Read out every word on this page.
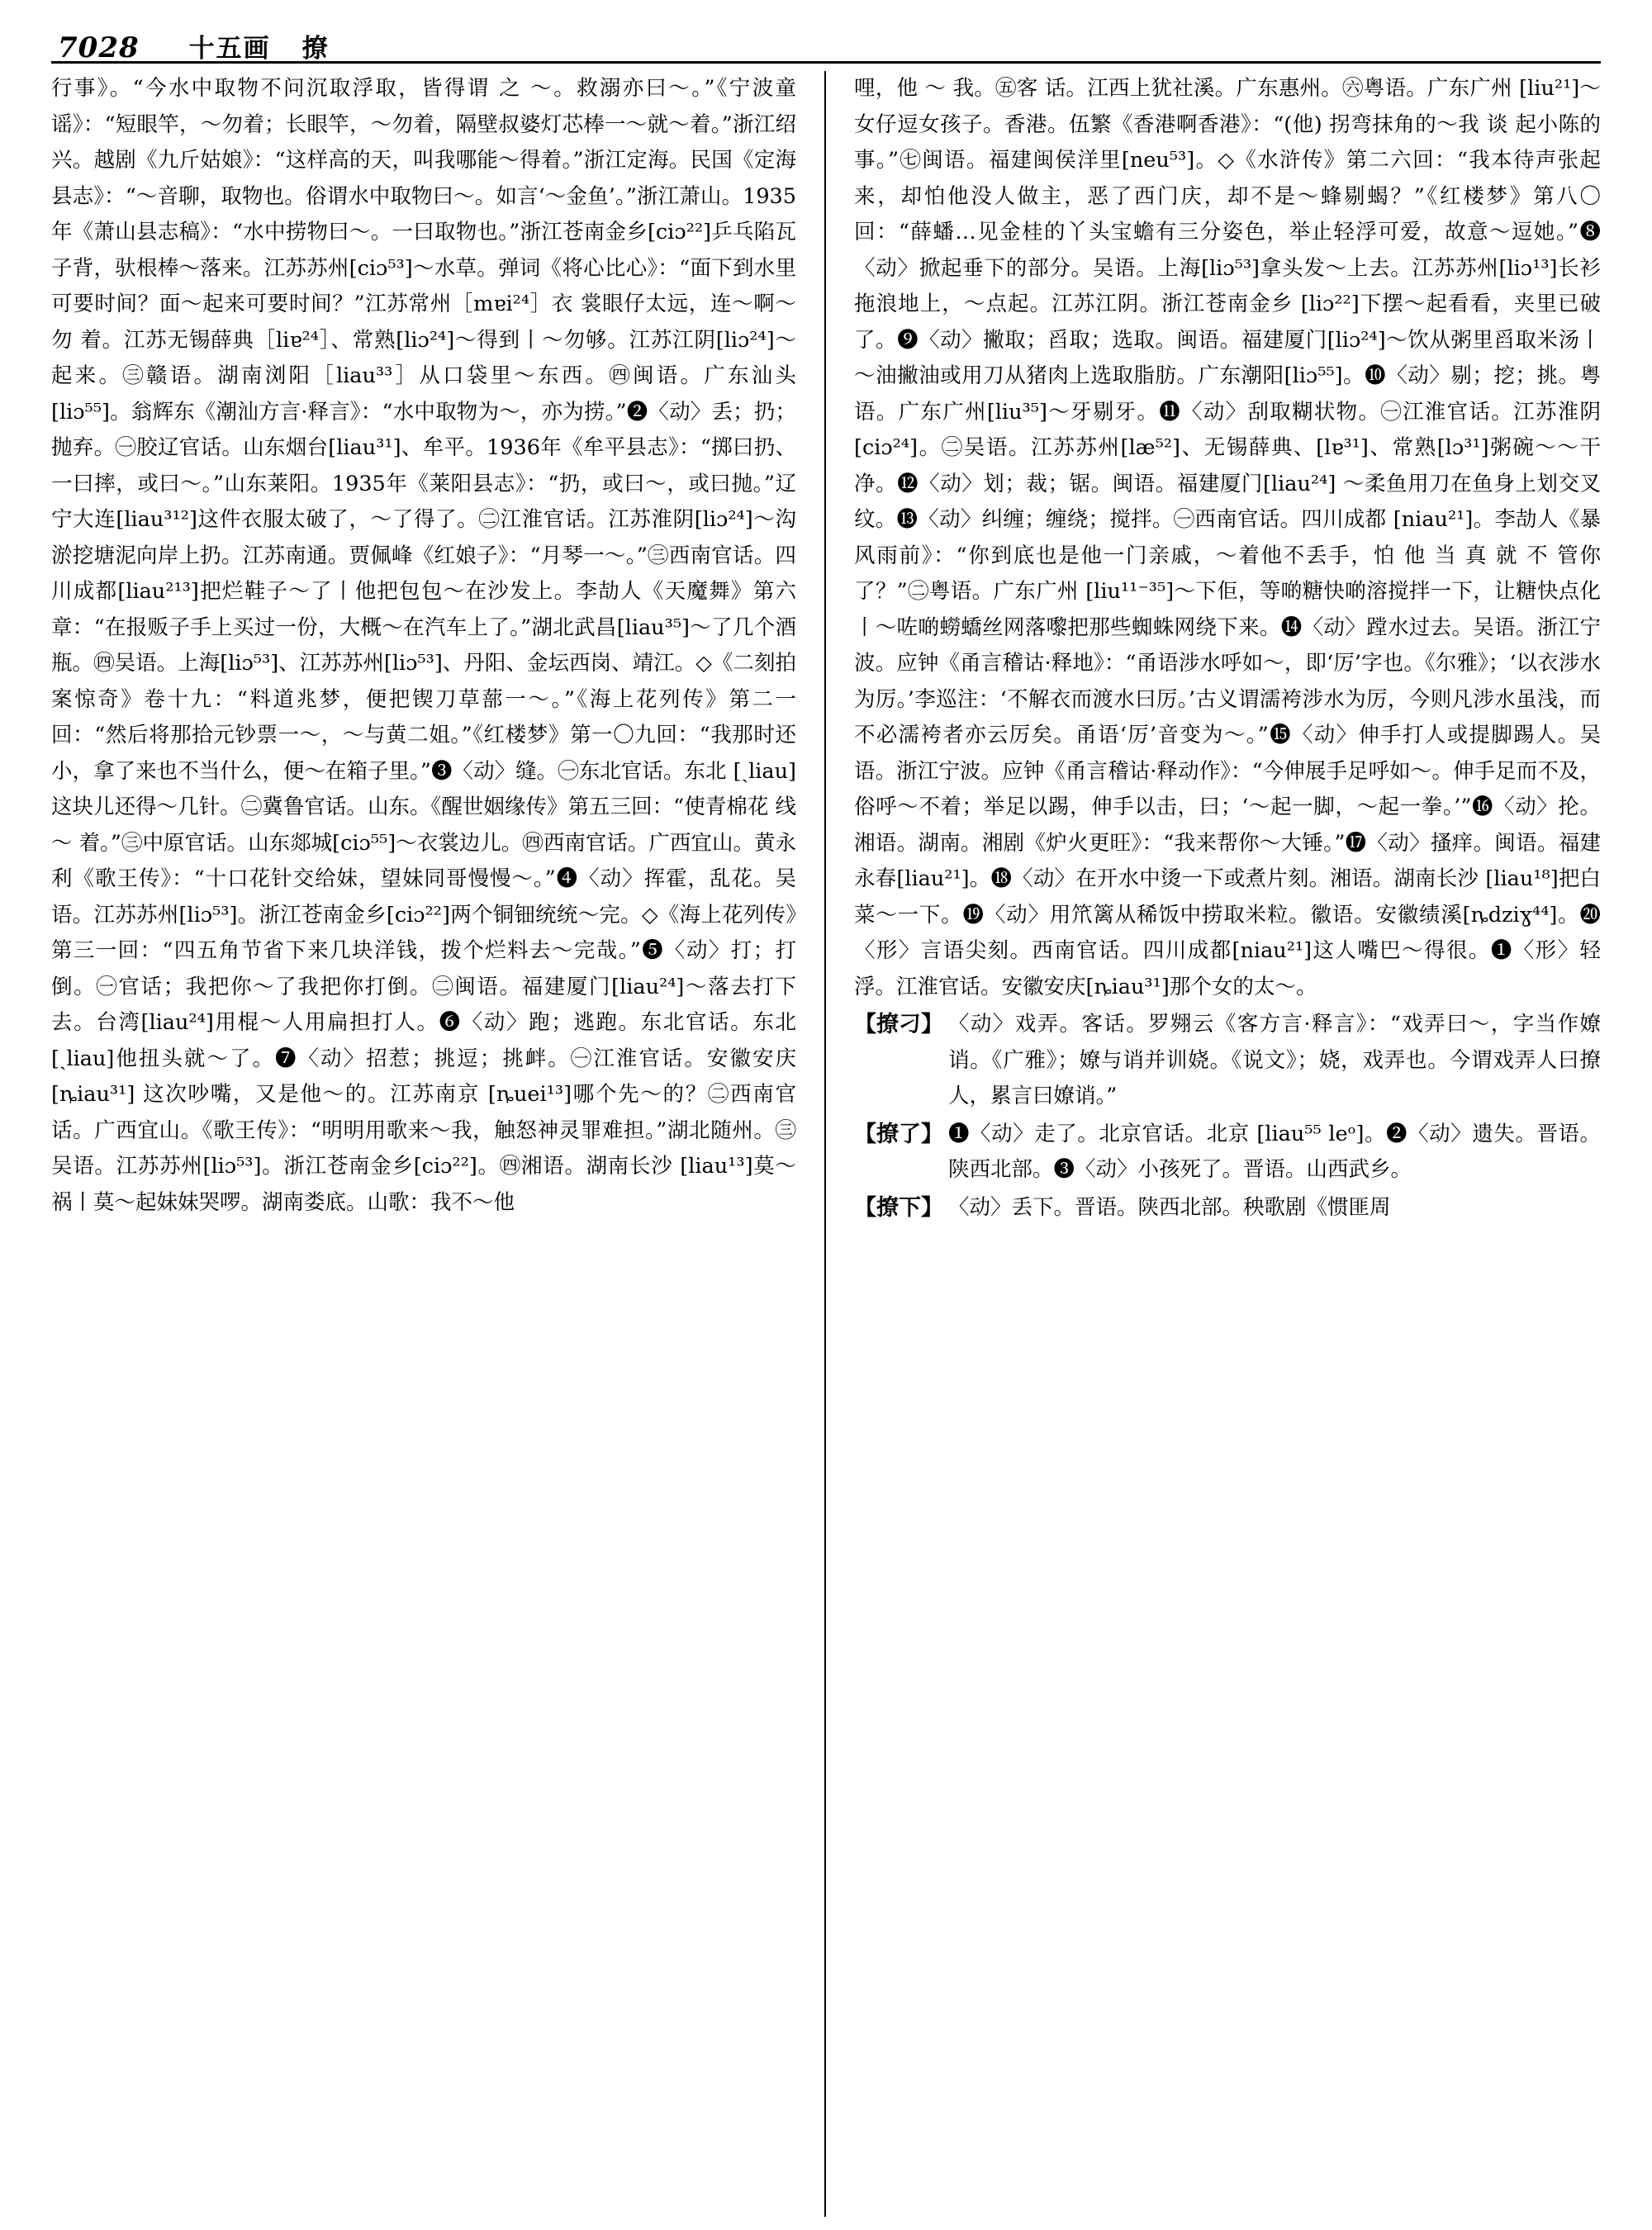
7028 十五画 撩

行事》。“今水中取物不问沉取浮取，皆得谓 之 ～。救溺亦曰～。”《宁波童谣》：“短眼竿，～勿着；长眼竿，～勿着，隔壁叔婆灯芯棒一～就～着。”浙江绍兴。越剧《九斤姑娘》：“这样高的天，叫我哪能～得着。”浙江定海。民国《定海县志》：“～音聊，取物也。俗谓水中取物曰～。如言‘～金鱼’。”浙江萧山。1935年《萧山县志稿》：“水中捞物曰～。一曰取物也。”浙江苍南金乡[ciɔ²²]乒乓陷瓦子背，驮根棒～落来。江苏苏州[ciɔ⁵³]～水草。弹词《将心比心》：“面下到水里可要时间？面～起来可要时间？”江苏常州［mɐi²⁴］衣 裳眼仔太远，连～啊～勿 着。江苏无锡薛典［liɐ²⁴］、常熟[liɔ²⁴]～得到丨～勿够。江苏江阴[liɔ²⁴]～起来。㊂赣语。湖南浏阳［liau³³］从口袋里～东西。㊃闽语。广东汕头[liɔ⁵⁵]。翁辉东《潮汕方言·释言》：“水中取物为～，亦为捞。”❷〈动〉丢；扔；抛弃。㊀胶辽官话。山东烟台[liau³¹]、牟平。1936年《牟平县志》：“掷曰扔、一曰摔，或曰～。”山东莱阳。1935年《莱阳县志》：“扔，或曰～，或曰抛。”辽宁大连[liau³¹²]这件衣服太破了，～了得了。㊁江淮官话。江苏淮阴[liɔ²⁴]～沟淤挖塘泥向岸上扔。江苏南通。贾佩峰《红娘子》：“月琴一～。”㊂西南官话。四川成都[liau²¹³]把烂鞋子～了丨他把包包～在沙发上。李劼人《天魔舞》第六章：“在报贩子手上买过一份，大概～在汽车上了。”湖北武昌[liau³⁵]～了几个酒瓶。㊃吴语。上海[liɔ⁵³]、江苏苏州[liɔ⁵³]、丹阳、金坛西岗、靖江。◇《二刻拍案惊奇》卷十九：“料道兆梦，便把锲刀草蔀一～。”《海上花列传》第二一回：“然后将那拾元钞票一～，～与黄二姐。”《红楼梦》第一〇九回：“我那时还小，拿了来也不当什么，便～在箱子里。”❸〈动〉缝。㊀东北官话。东北 [ˏliau] 这块儿还得～几针。㊁冀鲁官话。山东。《醒世姻缘传》第五三回：“使青棉花 线 ～ 着。”㊂中原官话。山东郯城[ciɔ⁵⁵]～衣裳边儿。㊃西南官话。广西宜山。黄永利《歌王传》：“十口花针交给妹，望妹同哥慢慢～。”❹〈动〉挥霍，乱花。吴语。江苏苏州[liɔ⁵³]。浙江苍南金乡[ciɔ²²]两个铜钿统统～完。◇《海上花列传》第三一回：“四五角节省下来几块洋钱，拨个烂料去～完哉。”❺〈动〉打；打倒。㊀官话；我把你～了我把你打倒。㊁闽语。福建厦门[liau²⁴]～落去打下去。台湾[liau²⁴]用棍～人用扁担打人。❻〈动〉跑；逃跑。东北官话。东北[ˏliau]他扭头就～了。❼〈动〉招惹；挑逗；挑衅。㊀江淮官话。安徽安庆 [ȵiau³¹] 这次吵嘴，又是他～的。江苏南京 [ȵuei¹³]哪个先～的？㊁西南官话。广西宜山。《歌王传》：“明明用歌来～我，触怒神灵罪难担。”湖北随州。㊂吴语。江苏苏州[liɔ⁵³]。浙江苍南金乡[ciɔ²²]。㊃湘语。湖南长沙 [liau¹³]莫～祸丨莫～起妹妹哭啰。湖南娄底。山歌：我不～他

哩，他 ～ 我。㊄客 话。江西上犹社溪。广东惠州。㊅粤语。广东广州 [liu²¹]～女仔逗女孩子。香港。伍繁《香港啊香港》：“(他) 拐弯抹角的～我 谈 起小陈的事。”㊆闽语。福建闽侯洋里[neu⁵³]。◇《水浒传》第二六回：“我本待声张起来，却怕他没人做主，恶了西门庆，却不是～蜂剔蝎？”《红楼梦》第八〇回：“薛蟠…见金桂的丫头宝蟾有三分姿色，举止轻浮可爱，故意～逗她。”❽〈动〉掀起垂下的部分。吴语。上海[liɔ⁵³]拿头发～上去。江苏苏州[liɔ¹³]长衫拖浪地上，～点起。江苏江阴。浙江苍南金乡 [liɔ²²]下摆～起看看，夹里已破了。❾〈动〉撇取；舀取；选取。闽语。福建厦门[liɔ²⁴]～饮从粥里舀取米汤丨～油撇油或用刀从猪肉上选取脂肪。广东潮阳[liɔ⁵⁵]。❿〈动〉剔；挖；挑。粤语。广东广州[liu³⁵]～牙剔牙。⓫〈动〉刮取糊状物。㊀江淮官话。江苏淮阴[ciɔ²⁴]。㊁吴语。江苏苏州[læ⁵²]、无锡薛典、[lɐ³¹]、常熟[lɔ³¹]粥碗～～干净。⓬〈动〉划；裁；锯。闽语。福建厦门[liau²⁴] ～柔鱼用刀在鱼身上划交叉纹。⓭〈动〉纠缠；缠绕；搅拌。㊀西南官话。四川成都 [niau²¹]。李劼人《暴风雨前》：“你到底也是他一门亲戚，～着他不丢手，怕 他 当 真 就 不 管你了？”㊁粤语。广东广州 [liu¹¹⁻³⁵]～下佢，等啲糖快啲溶搅拌一下，让糖快点化丨～咗啲蟧蟜丝网落嚟把那些蜘蛛网绕下来。⓮〈动〉蹚水过去。吴语。浙江宁波。应钟《甬言稽诂·释地》：“甬语涉水呼如～，即‘厉’字也。《尔雅》；‘以衣涉水为厉。’李巡注：‘不解衣而渡水曰厉。’古义谓濡袴涉水为厉，今则凡涉水虽浅，而不必濡袴者亦云厉矣。甬语‘厉’音变为～。”⓯〈动〉伸手打人或提脚踢人。吴语。浙江宁波。应钟《甬言稽诂·释动作》：“今伸展手足呼如～。伸手足而不及，俗呼～不着；举足以踢，伸手以击，曰；‘～起一脚，～起一拳。’”⓰〈动〉抡。湘语。湖南。湘剧《炉火更旺》：“我来帮你～大锤。”⓱〈动〉搔痒。闽语。福建永春[liau²¹]。⓲〈动〉在开水中烫一下或煮片刻。湘语。湖南长沙 [liau¹⁸]把白菜～一下。⓳〈动〉用笊篱从稀饭中捞取米粒。徽语。安徽绩溪[ȵdziɣ⁴⁴]。⓴〈形〉言语尖刻。西南官话。四川成都[niau²¹]这人嘴巴～得很。❶〈形〉轻浮。江淮官话。安徽安庆[ȵiau³¹]那个女的太～。

【撩刁】 〈动〉戏弄。客话。罗翙云《客方言·释言》：“戏弄曰～，字当作嫽诮。《广雅》；嫽与诮并训娆。《说文》；娆，戏弄也。今谓戏弄人曰撩人，累言曰嫽诮。”
【撩了】 ❶〈动〉走了。北京官话。北京 [liau⁵⁵ leᵒ]。❷〈动〉遗失。晋语。陕西北部。❸〈动〉小孩死了。晋语。山西武乡。
【撩下】 〈动〉丢下。晋语。陕西北部。秧歌剧《惯匪周
